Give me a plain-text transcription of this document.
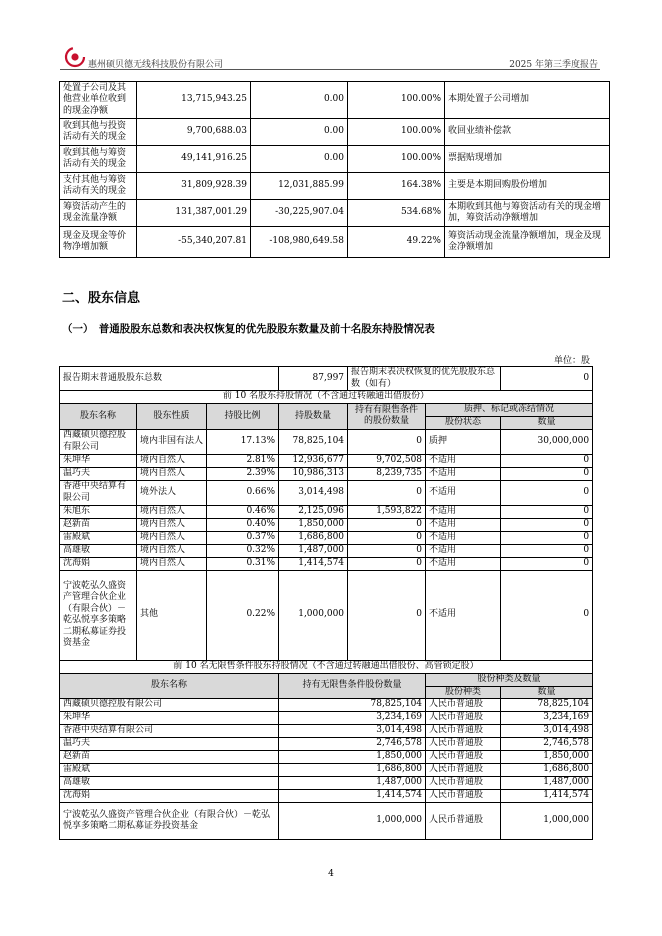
惠州硕贝德无线科技股份有限公司	2025 年第三季度报告
处置子公司及其他营业单位收到的现金净额	13,715,943.25	0.00	100.00%	本期处置子公司增加
收到其他与投资活动有关的现金	9,700,688.03	0.00	100.00%	收回业绩补偿款
收到其他与筹资活动有关的现金	49,141,916.25	0.00	100.00%	票据贴现增加
支付其他与筹资活动有关的现金	31,809,928.39	12,031,885.99	164.38%	主要是本期回购股份增加
筹资活动产生的现金流量净额	131,387,001.29	-30,225,907.04	534.68%	本期收到其他与筹资活动有关的现金增加，筹资活动净额增加
现金及现金等价物净增加额	-55,340,207.81	-108,980,649.58	49.22%	筹资活动现金流量净额增加，现金及现金净额增加
二、股东信息
（一）　普通股股东总数和表决权恢复的优先股股东数量及前十名股东持股情况表
单位：股
报告期末普通股股东总数			87,997	报告期末表决权恢复的优先股股东总数（如有）		0
前 10 名股东持股情况（不含通过转融通出借股份）						
股东名称	股东性质	持股比例	持股数量	持有有限售条件的股份数量	质押、标记或冻结情况	
					股份状态	数量
西藏硕贝德控股有限公司	境内非国有法人	17.13%	78,825,104	0	质押	30,000,000
朱坤华	境内自然人	2.81%	12,936,677	9,702,508	不适用	0
温巧夫	境内自然人	2.39%	10,986,313	8,239,735	不适用	0
香港中央结算有限公司	境外法人	0.66%	3,014,498	0	不适用	0
朱旭东	境内自然人	0.46%	2,125,096	1,593,822	不适用	0
赵新苗	境内自然人	0.40%	1,850,000	0	不适用	0
雷殿斌	境内自然人	0.37%	1,686,800	0	不适用	0
高雄敏	境内自然人	0.32%	1,487,000	0	不适用	0
沈海娟	境内自然人	0.31%	1,414,574	0	不适用	0
宁波乾弘久盛资产管理合伙企业（有限合伙）－乾弘悦享多策略二期私募证券投资基金	其他	0.22%	1,000,000	0	不适用	0
前 10 名无限售条件股东持股情况（不含通过转融通出借股份、高管锁定股）						
股东名称			持有无限售条件股份数量		股份种类及数量	
					股份种类	数量
西藏硕贝德控股有限公司			78,825,104		人民币普通股	78,825,104
朱坤华			3,234,169		人民币普通股	3,234,169
香港中央结算有限公司			3,014,498		人民币普通股	3,014,498
温巧夫			2,746,578		人民币普通股	2,746,578
赵新苗			1,850,000		人民币普通股	1,850,000
雷殿斌			1,686,800		人民币普通股	1,686,800
高雄敏			1,487,000		人民币普通股	1,487,000
沈海娟			1,414,574		人民币普通股	1,414,574
宁波乾弘久盛资产管理合伙企业（有限合伙）－乾弘悦享多策略二期私募证券投资基金			1,000,000		人民币普通股	1,000,000
4
